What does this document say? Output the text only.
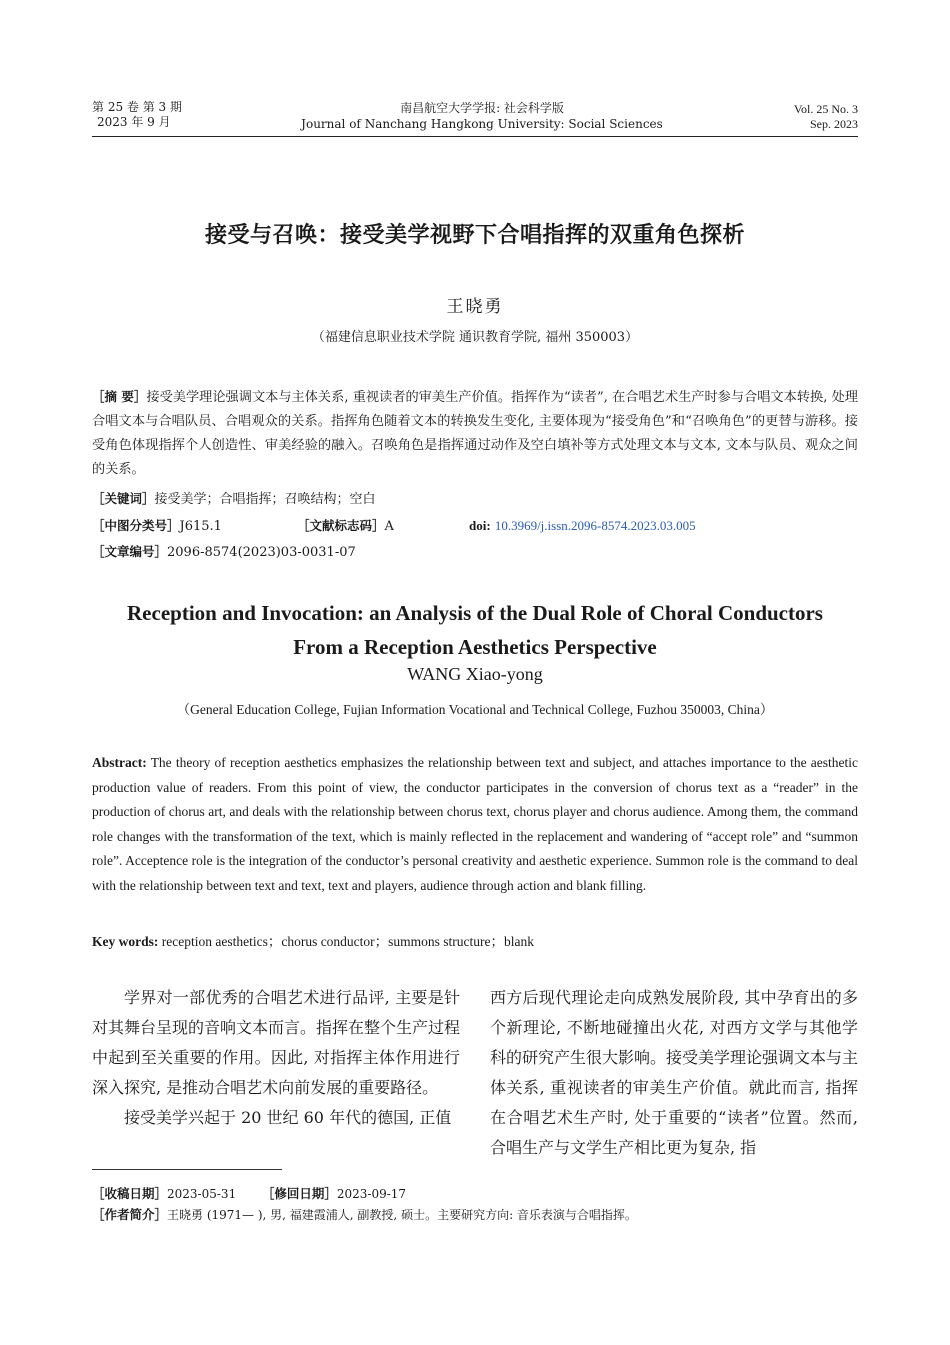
第 25 卷 第 3 期
2023 年 9 月
南昌航空大学学报: 社会科学版
Journal of Nanchang Hangkong University: Social Sciences
Vol. 25 No. 3
Sep. 2023
接受与召唤：接受美学视野下合唱指挥的双重角色探析
王晓勇
（福建信息职业技术学院 通识教育学院, 福州 350003）
［摘 要］接受美学理论强调文本与主体关系, 重视读者的审美生产价值。指挥作为“读者”, 在合唱艺术生产时参与合唱文本转换, 处理合唱文本与合唱队员、合唱观众的关系。指挥角色随着文本的转换发生变化, 主要体现为“接受角色”和“召唤角色”的更替与游移。接受角色体现指挥个人创造性、审美经验的融入。召唤角色是指挥通过动作及空白填补等方式处理文本与文本, 文本与队员、观众之间的关系。
［关键词］接受美学；合唱指挥；召唤结构；空白
［中图分类号］J615.1	［文献标志码］A	doi: 10.3969/j.issn.2096-8574.2023.03.005
［文章编号］2096-8574(2023)03-0031-07
Reception and Invocation: an Analysis of the Dual Role of Choral Conductors
From a Reception Aesthetics Perspective
WANG Xiao-yong
（General Education College, Fujian Information Vocational and Technical College, Fuzhou 350003, China）
Abstract: The theory of reception aesthetics emphasizes the relationship between text and subject, and attaches importance to the aesthetic production value of readers. From this point of view, the conductor participates in the conversion of chorus text as a “reader” in the production of chorus art, and deals with the relationship between chorus text, chorus player and chorus audience. Among them, the command role changes with the transformation of the text, which is mainly reflected in the replacement and wandering of “accept role” and “summon role”. Acceptence role is the integration of the conductor’s personal creativity and aesthetic experience. Summon role is the command to deal with the relationship between text and text, text and players, audience through action and blank filling.
Key words: reception aesthetics；chorus conductor；summons structure；blank

学界对一部优秀的合唱艺术进行品评, 主要是针对其舞台呈现的音响文本而言。指挥在整个生产过程中起到至关重要的作用。因此, 对指挥主体作用进行深入探究, 是推动合唱艺术向前发展的重要路径。

接受美学兴起于 20 世纪 60 年代的德国, 正值

西方后现代理论走向成熟发展阶段, 其中孕育出的多个新理论, 不断地碰撞出火花, 对西方文学与其他学科的研究产生很大影响。接受美学理论强调文本与主体关系, 重视读者的审美生产价值。就此而言, 指挥在合唱艺术生产时, 处于重要的“读者”位置。然而, 合唱生产与文学生产相比更为复杂, 指

［收稿日期］2023-05-31 ［修回日期］2023-09-17
［作者简介］王晓勇 (1971— ), 男, 福建霞浦人, 副教授, 硕士。主要研究方向: 音乐表演与合唱指挥。
